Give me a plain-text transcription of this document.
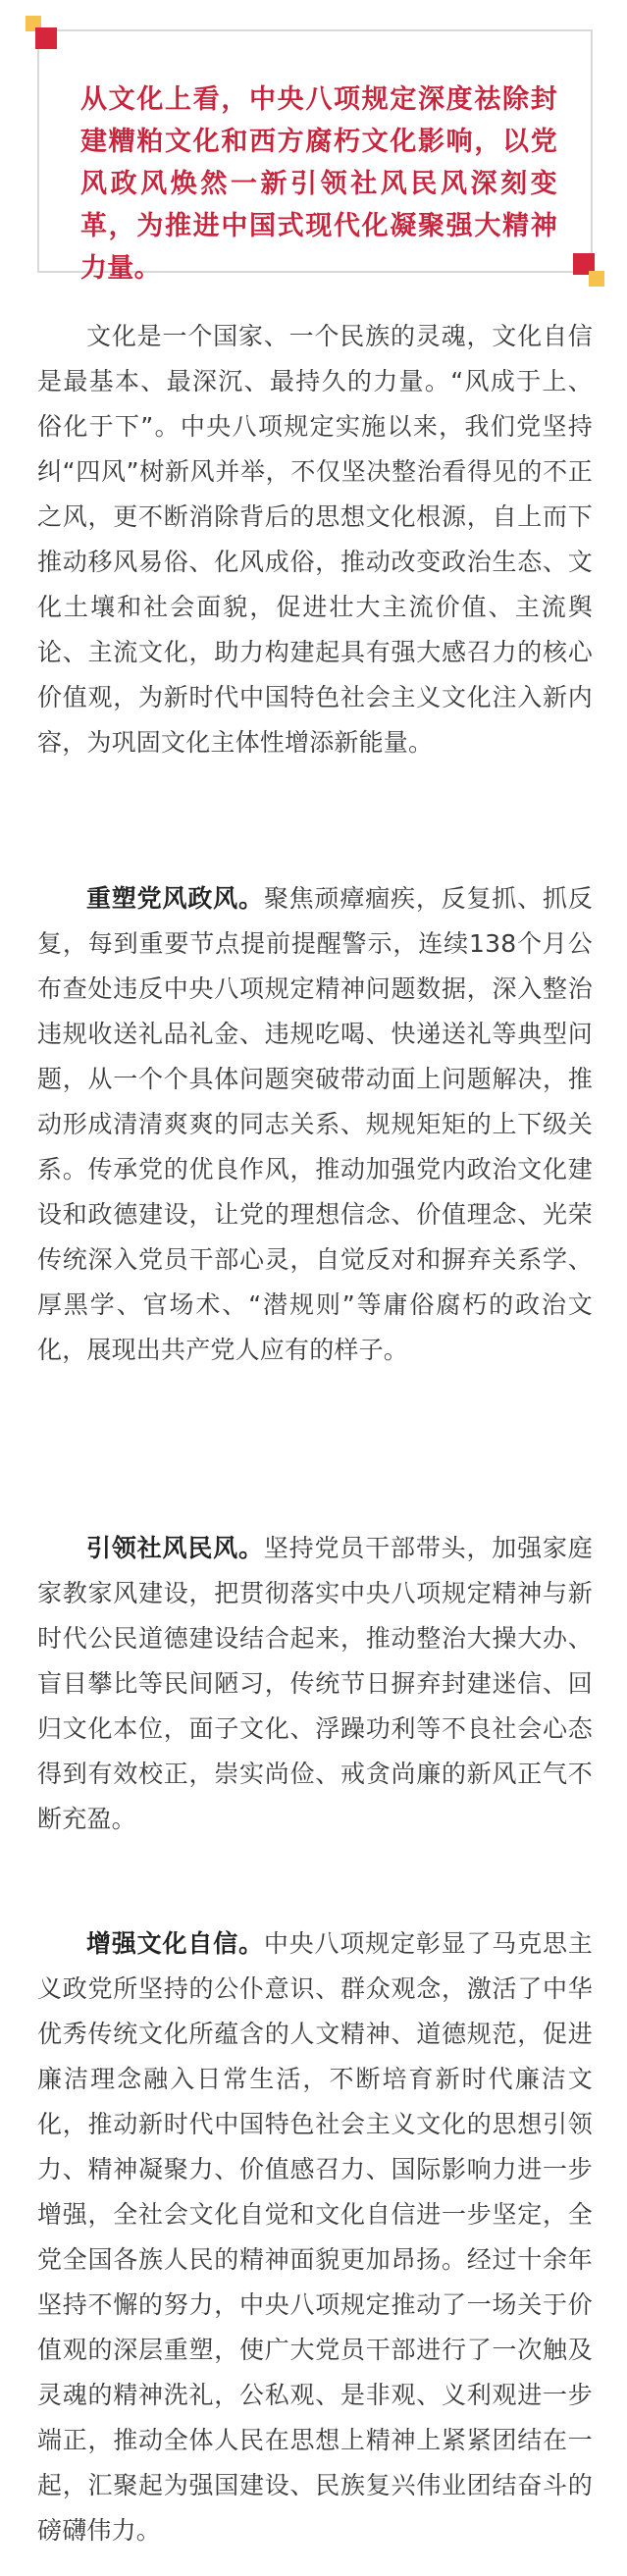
从文化上看，中央八项规定深度祛除封建糟粕文化和西方腐朽文化影响，以党风政风焕然一新引领社风民风深刻变革，为推进中国式现代化凝聚强大精神力量。

文化是一个国家、一个民族的灵魂，文化自信是最基本、最深沉、最持久的力量。“风成于上、俗化于下”。中央八项规定实施以来，我们党坚持纠“四风”树新风并举，不仅坚决整治看得见的不正之风，更不断消除背后的思想文化根源，自上而下推动移风易俗、化风成俗，推动改变政治生态、文化土壤和社会面貌，促进壮大主流价值、主流舆论、主流文化，助力构建起具有强大感召力的核心价值观，为新时代中国特色社会主义文化注入新内容，为巩固文化主体性增添新能量。

重塑党风政风。聚焦顽瘴痼疾，反复抓、抓反复，每到重要节点提前提醒警示，连续138个月公布查处违反中央八项规定精神问题数据，深入整治违规收送礼品礼金、违规吃喝、快递送礼等典型问题，从一个个具体问题突破带动面上问题解决，推动形成清清爽爽的同志关系、规规矩矩的上下级关系。传承党的优良作风，推动加强党内政治文化建设和政德建设，让党的理想信念、价值理念、光荣传统深入党员干部心灵，自觉反对和摒弃关系学、厚黑学、官场术、“潜规则”等庸俗腐朽的政治文化，展现出共产党人应有的样子。

引领社风民风。坚持党员干部带头，加强家庭家教家风建设，把贯彻落实中央八项规定精神与新时代公民道德建设结合起来，推动整治大操大办、盲目攀比等民间陋习，传统节日摒弃封建迷信、回归文化本位，面子文化、浮躁功利等不良社会心态得到有效校正，崇实尚俭、戒贪尚廉的新风正气不断充盈。

增强文化自信。中央八项规定彰显了马克思主义政党所坚持的公仆意识、群众观念，激活了中华优秀传统文化所蕴含的人文精神、道德规范，促进廉洁理念融入日常生活，不断培育新时代廉洁文化，推动新时代中国特色社会主义文化的思想引领力、精神凝聚力、价值感召力、国际影响力进一步增强，全社会文化自觉和文化自信进一步坚定，全党全国各族人民的精神面貌更加昂扬。经过十余年坚持不懈的努力，中央八项规定推动了一场关于价值观的深层重塑，使广大党员干部进行了一次触及灵魂的精神洗礼，公私观、是非观、义利观进一步端正，推动全体人民在思想上精神上紧紧团结在一起，汇聚起为强国建设、民族复兴伟业团结奋斗的磅礴伟力。
